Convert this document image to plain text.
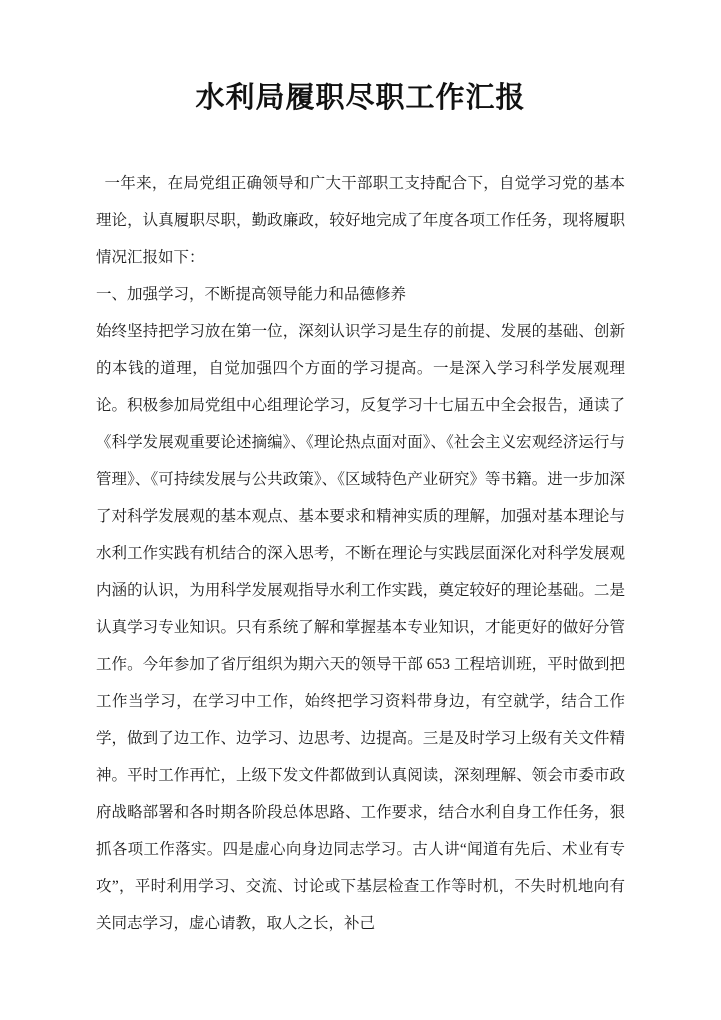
水利局履职尽职工作汇报

一年来，在局党组正确领导和广大干部职工支持配合下，自觉学习党的基本理论，认真履职尽职，勤政廉政，较好地完成了年度各项工作任务，现将履职情况汇报如下：

一、加强学习，不断提高领导能力和品德修养

始终坚持把学习放在第一位，深刻认识学习是生存的前提、发展的基础、创新的本钱的道理，自觉加强四个方面的学习提高。一是深入学习科学发展观理论。积极参加局党组中心组理论学习，反复学习十七届五中全会报告，通读了《科学发展观重要论述摘编》、《理论热点面对面》、《社会主义宏观经济运行与管理》、《可持续发展与公共政策》、《区域特色产业研究》等书籍。进一步加深了对科学发展观的基本观点、基本要求和精神实质的理解，加强对基本理论与水利工作实践有机结合的深入思考，不断在理论与实践层面深化对科学发展观内涵的认识，为用科学发展观指导水利工作实践，奠定较好的理论基础。二是认真学习专业知识。只有系统了解和掌握基本专业知识，才能更好的做好分管工作。今年参加了省厅组织为期六天的领导干部 653 工程培训班，平时做到把工作当学习，在学习中工作，始终把学习资料带身边，有空就学，结合工作学，做到了边工作、边学习、边思考、边提高。三是及时学习上级有关文件精神。平时工作再忙，上级下发文件都做到认真阅读，深刻理解、领会市委市政府战略部署和各时期各阶段总体思路、工作要求，结合水利自身工作任务，狠抓各项工作落实。四是虚心向身边同志学习。古人讲“闻道有先后、术业有专攻”，平时利用学习、交流、讨论或下基层检查工作等时机，不失时机地向有关同志学习，虚心请教，取人之长，补己
